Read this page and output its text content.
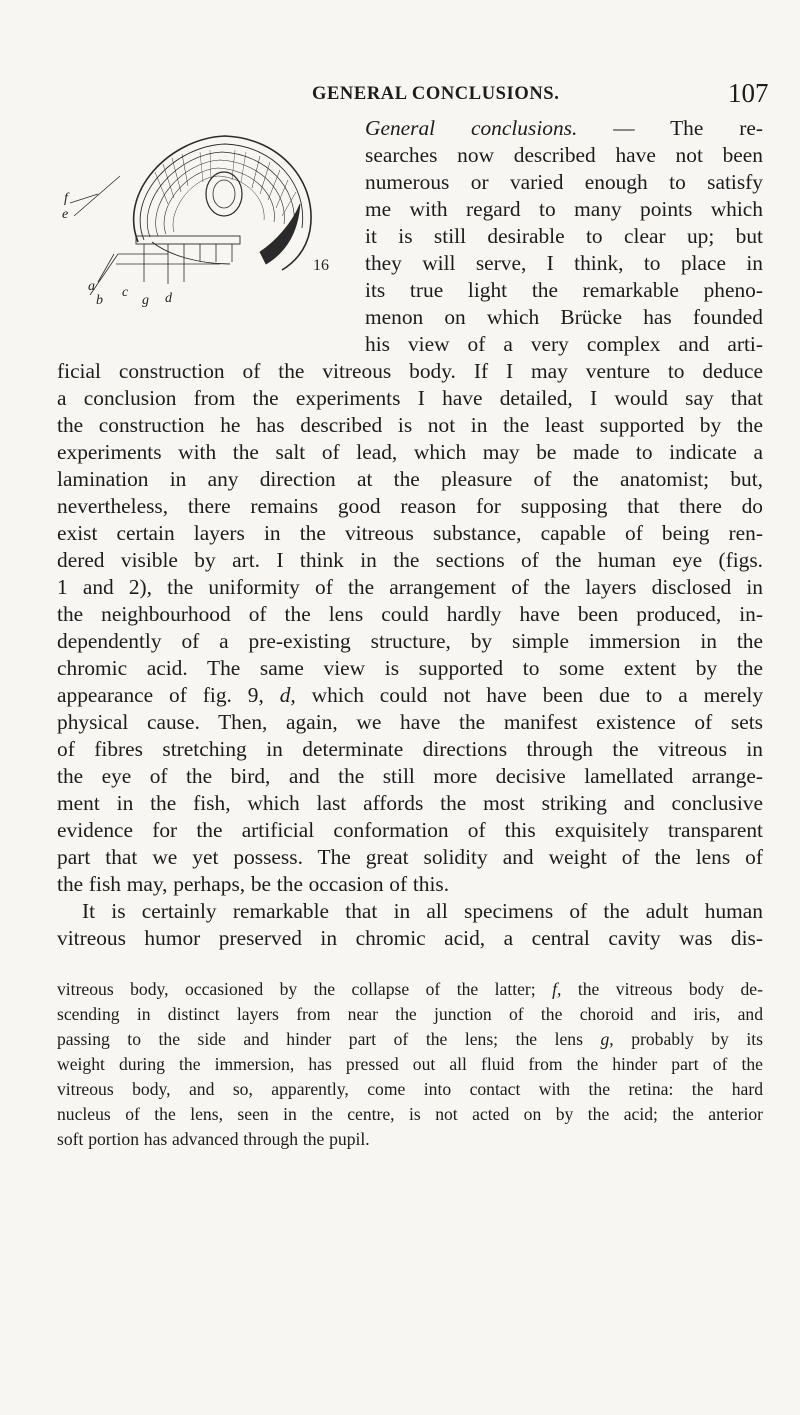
GENERAL CONCLUSIONS.	107
f
e
a
b
c
g d
16
General conclusions. — The re-
searches now described have not been
numerous or varied enough to satisfy
me with regard to many points which
it is still desirable to clear up; but
they will serve, I think, to place in
its true light the remarkable pheno-
menon on which Brücke has founded
his view of a very complex and arti-
ficial construction of the vitreous body. If I may venture to deduce
a conclusion from the experiments I have detailed, I would say that
the construction he has described is not in the least supported by the
experiments with the salt of lead, which may be made to indicate a
lamination in any direction at the pleasure of the anatomist; but,
nevertheless, there remains good reason for supposing that there do
exist certain layers in the vitreous substance, capable of being ren-
dered visible by art. I think in the sections of the human eye (figs.
1 and 2), the uniformity of the arrangement of the layers disclosed in
the neighbourhood of the lens could hardly have been produced, in-
dependently of a pre-existing structure, by simple immersion in the
chromic acid. The same view is supported to some extent by the
appearance of fig. 9, d, which could not have been due to a merely
physical cause. Then, again, we have the manifest existence of sets
of fibres stretching in determinate directions through the vitreous in
the eye of the bird, and the still more decisive lamellated arrange-
ment in the fish, which last affords the most striking and conclusive
evidence for the artificial conformation of this exquisitely transparent
part that we yet possess. The great solidity and weight of the lens of
the fish may, perhaps, be the occasion of this.
It is certainly remarkable that in all specimens of the adult human
vitreous humor preserved in chromic acid, a central cavity was dis-
vitreous body, occasioned by the collapse of the latter; f, the vitreous body de-
scending in distinct layers from near the junction of the choroid and iris, and
passing to the side and hinder part of the lens; the lens g, probably by its
weight during the immersion, has pressed out all fluid from the hinder part of the
vitreous body, and so, apparently, come into contact with the retina: the hard
nucleus of the lens, seen in the centre, is not acted on by the acid; the anterior
soft portion has advanced through the pupil.
